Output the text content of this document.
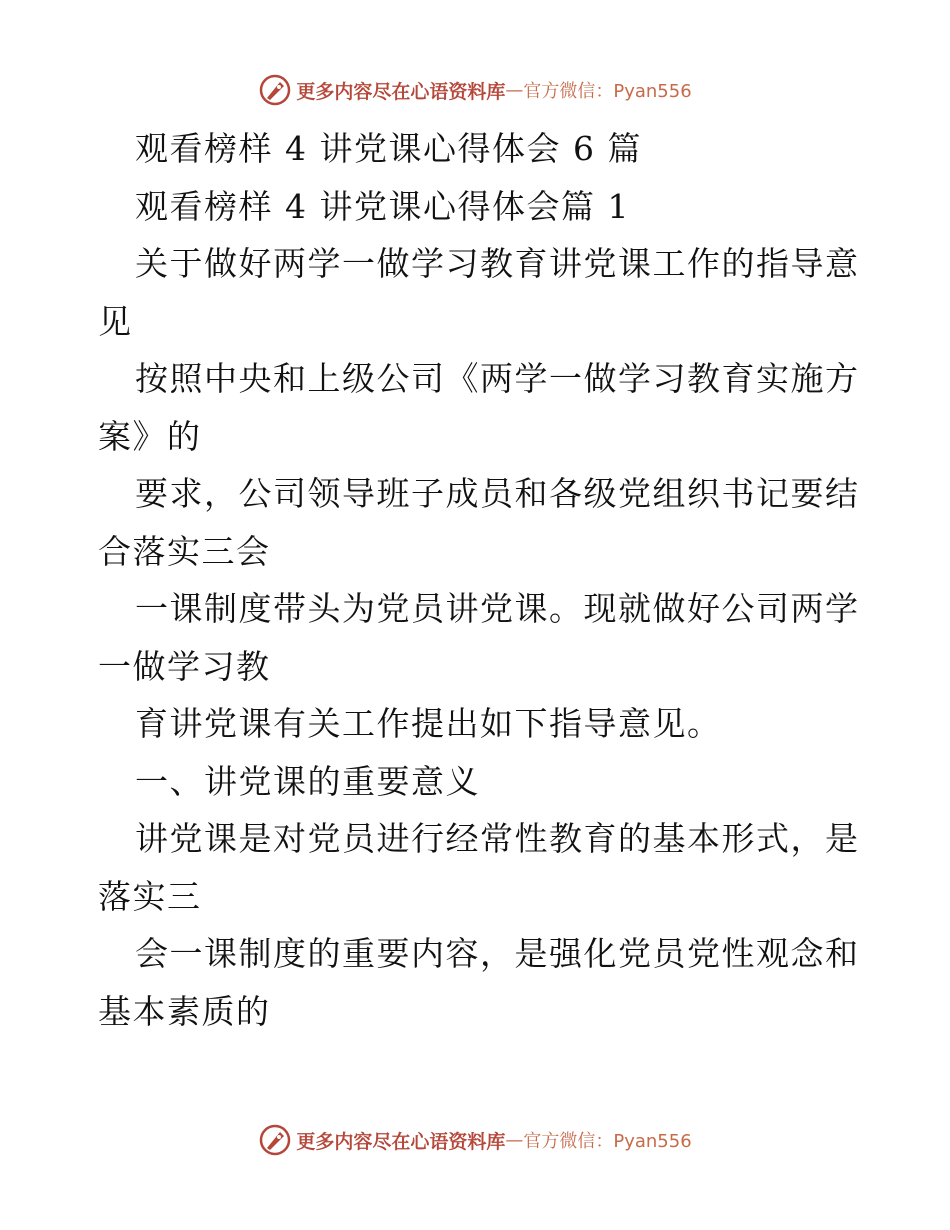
更多内容尽在心语资料库 — 官方微信：Pyan556
观看榜样 4 讲党课心得体会 6 篇
观看榜样 4 讲党课心得体会篇 1
关于做好两学一做学习教育讲党课工作的指导意
见
按照中央和上级公司《两学一做学习教育实施方
案》的
要求，公司领导班子成员和各级党组织书记要结
合落实三会
一课制度带头为党员讲党课。现就做好公司两学
一做学习教
育讲党课有关工作提出如下指导意见。
一、讲党课的重要意义
讲党课是对党员进行经常性教育的基本形式，是
落实三
会一课制度的重要内容，是强化党员党性观念和
基本素质的
更多内容尽在心语资料库 — 官方微信：Pyan556
